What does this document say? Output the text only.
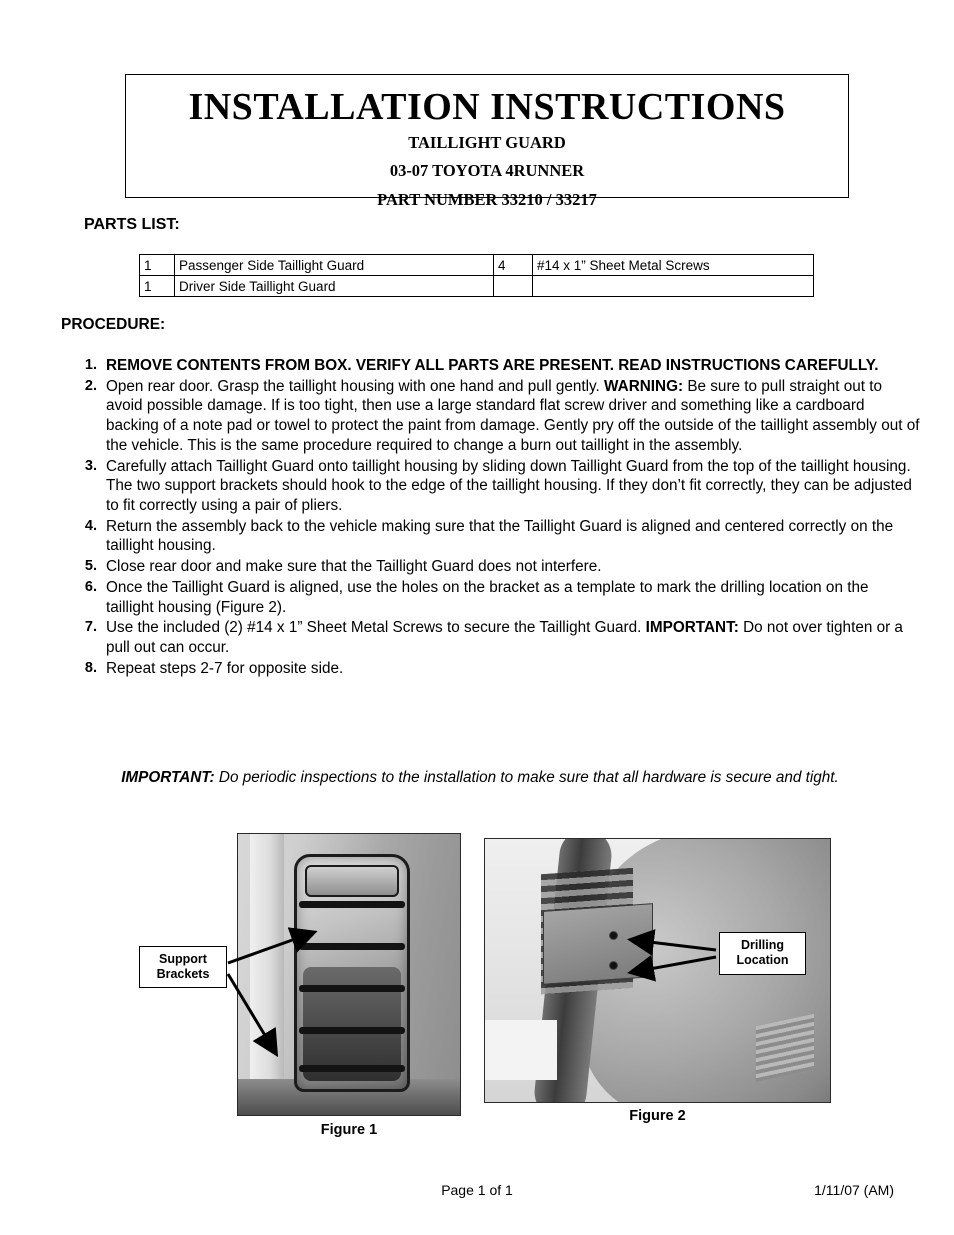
INSTALLATION INSTRUCTIONS
TAILLIGHT GUARD
03-07 TOYOTA 4RUNNER
PART NUMBER 33210 / 33217
PARTS LIST:
1	Passenger Side Taillight Guard	4	#14 x 1” Sheet Metal Screws
1	Driver Side Taillight Guard		
PROCEDURE:
1. REMOVE CONTENTS FROM BOX. VERIFY ALL PARTS ARE PRESENT. READ INSTRUCTIONS CAREFULLY.
2. Open rear door. Grasp the taillight housing with one hand and pull gently. WARNING: Be sure to pull straight out to avoid possible damage. If is too tight, then use a large standard flat screw driver and something like a cardboard backing of a note pad or towel to protect the paint from damage. Gently pry off the outside of the taillight assembly out of the vehicle. This is the same procedure required to change a burn out taillight in the assembly.
3. Carefully attach Taillight Guard onto taillight housing by sliding down Taillight Guard from the top of the taillight housing. The two support brackets should hook to the edge of the taillight housing. If they don’t fit correctly, they can be adjusted to fit correctly using a pair of pliers.
4. Return the assembly back to the vehicle making sure that the Taillight Guard is aligned and centered correctly on the taillight housing.
5. Close rear door and make sure that the Taillight Guard does not interfere.
6. Once the Taillight Guard is aligned, use the holes on the bracket as a template to mark the drilling location on the taillight housing (Figure 2).
7. Use the included (2) #14 x 1” Sheet Metal Screws to secure the Taillight Guard. IMPORTANT: Do not over tighten or a pull out can occur.
8. Repeat steps 2-7 for opposite side.
IMPORTANT: Do periodic inspections to the installation to make sure that all hardware is secure and tight.
Figure 1
Figure 2
Support Brackets
Drilling Location
Page 1 of 1	1/11/07 (AM)
